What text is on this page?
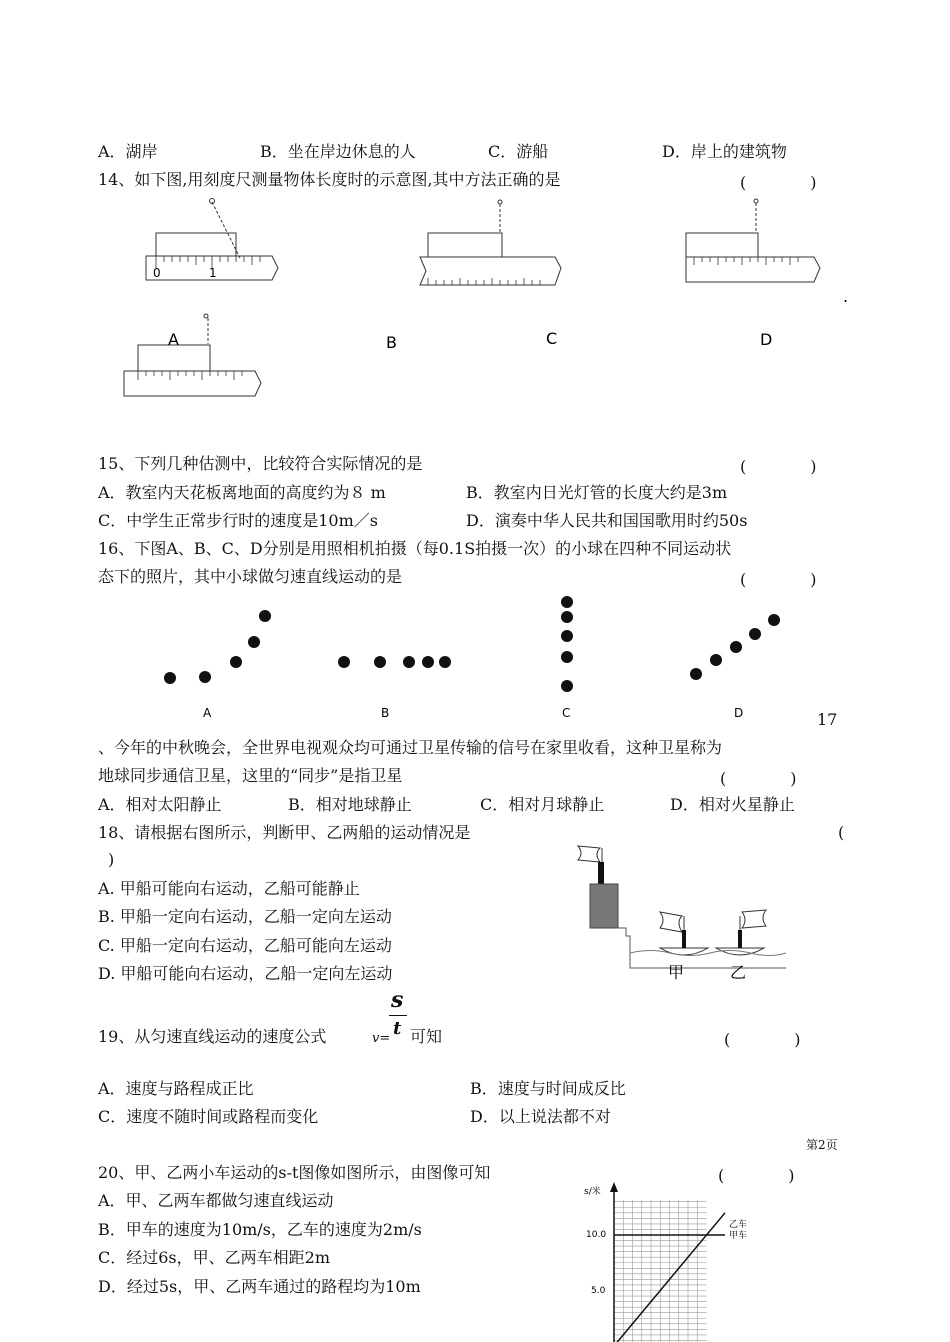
A．湖岸	B．坐在岸边休息的人	C．游船	D．岸上的建筑物
14、如下图,用刻度尺测量物体长度时的示意图,其中方法正确的是	(　　　　)
0	1
A	B	C	D
.
15、下列几种估测中，比较符合实际情况的是	(　　　　)
A．教室内天花板离地面的高度约为８ m	B．教室内日光灯管的长度大约是3m
C．中学生正常步行时的速度是10m／s	D．演奏中华人民共和国国歌用时约50s
16、下图A、B、C、D分别是用照相机拍摄（每0.1S拍摄一次）的小球在四种不同运动状
态下的照片，其中小球做匀速直线运动的是	(　　　　)
A	B	C	D	17
、今年的中秋晚会，全世界电视观众均可通过卫星传输的信号在家里收看，这种卫星称为
地球同步通信卫星，这里的“同步”是指卫星	(　　　　)
A．相对太阳静止	B．相对地球静止	C．相对月球静止	D．相对火星静止
18、请根据右图所示，判断甲、乙两船的运动情况是	(
)
A. 甲船可能向右运动，乙船可能静止
B. 甲船一定向右运动，乙船一定向左运动
C. 甲船一定向右运动，乙船可能向左运动
D. 甲船可能向右运动，乙船一定向左运动	甲	乙
19、从匀速直线运动的速度公式	v=
s
t 可知	(　　　　)
A．速度与路程成正比	B．速度与时间成反比
C．速度不随时间或路程而变化	D．以上说法都不对
第2页
20、甲、乙两小车运动的s-t图像如图所示，由图像可知	(　　　　)
A．甲、乙两车都做匀速直线运动
B．甲车的速度为10m/s，乙车的速度为2m/s
C．经过6s，甲、乙两车相距2m
D．经过5s，甲、乙两车通过的路程均为10m
s/米
10.0
5.0
乙车
甲车
